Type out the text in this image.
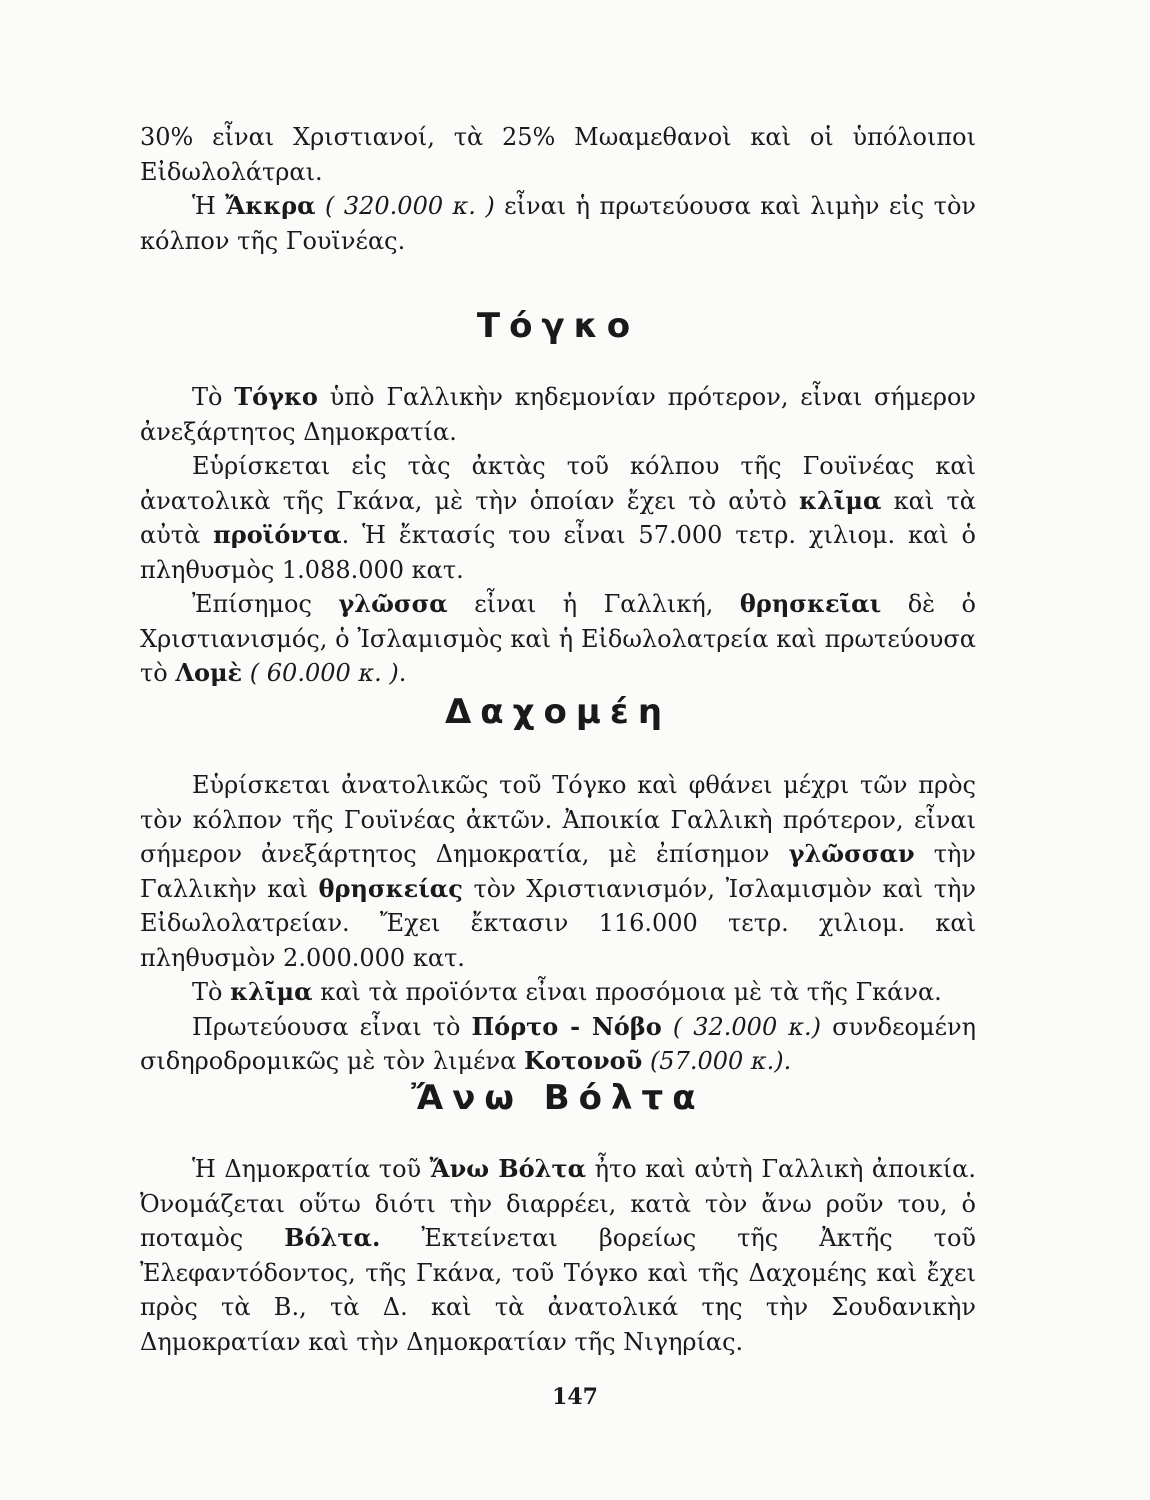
30% εἶναι Χριστιανοί, τὰ 25% Μωαμεθανοὶ καὶ οἱ ὑπόλοιποι Εἰδωλολάτραι.

Ἡ Ἄκκρα ( 320.000 κ. ) εἶναι ἡ πρωτεύουσα καὶ λιμὴν εἰς τὸν κόλπον τῆς Γουϊνέας.

Τόγκο

Τὸ Τόγκο ὑπὸ Γαλλικὴν κηδεμονίαν πρότερον, εἶναι σήμερον ἀνεξάρτητος Δημοκρατία.

Εὑρίσκεται εἰς τὰς ἀκτὰς τοῦ κόλπου τῆς Γουϊνέας καὶ ἀνατολικὰ τῆς Γκάνα, μὲ τὴν ὁποίαν ἔχει τὸ αὐτὸ κλῖμα καὶ τὰ αὐτὰ προϊόντα. Ἡ ἔκτασίς του εἶναι 57.000 τετρ. χιλιομ. καὶ ὁ πληθυσμὸς 1.088.000 κατ.

Ἐπίσημος γλῶσσα εἶναι ἡ Γαλλική, θρησκεῖαι δὲ ὁ Χριστιανισμός, ὁ Ἰσλαμισμὸς καὶ ἡ Εἰδωλολατρεία καὶ πρωτεύουσα τὸ Λομὲ ( 60.000 κ. ).

Δαχομέη

Εὑρίσκεται ἀνατολικῶς τοῦ Τόγκο καὶ φθάνει μέχρι τῶν πρὸς τὸν κόλπον τῆς Γουϊνέας ἀκτῶν. Ἀποικία Γαλλικὴ πρότερον, εἶναι σήμερον ἀνεξάρτητος Δημοκρατία, μὲ ἐπίσημον γλῶσσαν τὴν Γαλλικὴν καὶ θρησκείας τὸν Χριστιανισμόν, Ἰσλαμισμὸν καὶ τὴν Εἰδωλολατρείαν. Ἔχει ἔκτασιν 116.000 τετρ. χιλιομ. καὶ πληθυσμὸν 2.000.000 κατ.

Τὸ κλῖμα καὶ τὰ προϊόντα εἶναι προσόμοια μὲ τὰ τῆς Γκάνα.

Πρωτεύουσα εἶναι τὸ Πόρτο - Νόβο ( 32.000 κ.) συνδεομένη σιδηροδρομικῶς μὲ τὸν λιμένα Κοτονοῦ (57.000 κ.).

Ἄνω Βόλτα

Ἡ Δημοκρατία τοῦ Ἄνω Βόλτα ἦτο καὶ αὐτὴ Γαλλικὴ ἀποικία. Ὀνομάζεται οὕτω διότι τὴν διαρρέει, κατὰ τὸν ἄνω ροῦν του, ὁ ποταμὸς Βόλτα. Ἐκτείνεται βορείως τῆς Ἀκτῆς τοῦ Ἐλεφαντόδοντος, τῆς Γκάνα, τοῦ Τόγκο καὶ τῆς Δαχομέης καὶ ἔχει πρὸς τὰ Β., τὰ Δ. καὶ τὰ ἀνατολικά της τὴν Σουδανικὴν Δημοκρατίαν καὶ τὴν Δημοκρατίαν τῆς Νιγηρίας.

147
